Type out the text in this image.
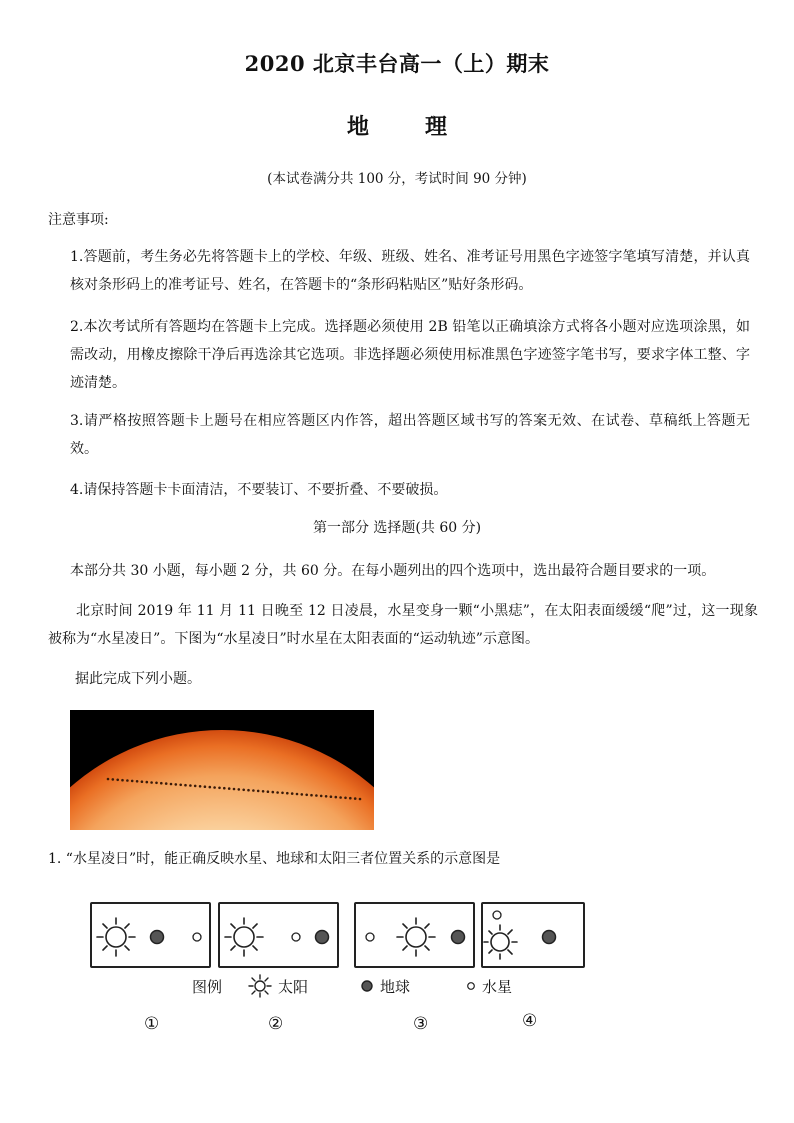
2020 北京丰台高一（上）期末
地	理
(本试卷满分共 100 分，考试时间 90 分钟)
注意事项:
1.答题前，考生务必先将答题卡上的学校、年级、班级、姓名、准考证号用黑色字迹签字笔填写清楚，并认真核对条形码上的准考证号、姓名，在答题卡的“条形码粘贴区”贴好条形码。
2.本次考试所有答题均在答题卡上完成。选择题必须使用 2B 铅笔以正确填涂方式将各小题对应选项涂黑，如需改动，用橡皮擦除干净后再选涂其它选项。非选择题必须使用标准黑色字迹签字笔书写，要求字体工整、字迹清楚。
3.请严格按照答题卡上题号在相应答题区内作答，超出答题区域书写的答案无效、在试卷、草稿纸上答题无效。
4.请保持答题卡卡面清洁，不要装订、不要折叠、不要破损。
第一部分 选择题(共 60 分)
本部分共 30 小题，每小题 2 分，共 60 分。在每小题列出的四个选项中，选出最符合题目要求的一项。
北京时间 2019 年 11 月 11 日晚至 12 日凌晨，水星变身一颗“小黑痣”，在太阳表面缓缓“爬”过，这一现象被称为“水星凌日”。下图为“水星凌日”时水星在太阳表面的“运动轨迹”示意图。
据此完成下列小题。
1. “水星凌日”时，能正确反映水星、地球和太阳三者位置关系的示意图是
图例	太阳	地球	水星
①	②	③	④
